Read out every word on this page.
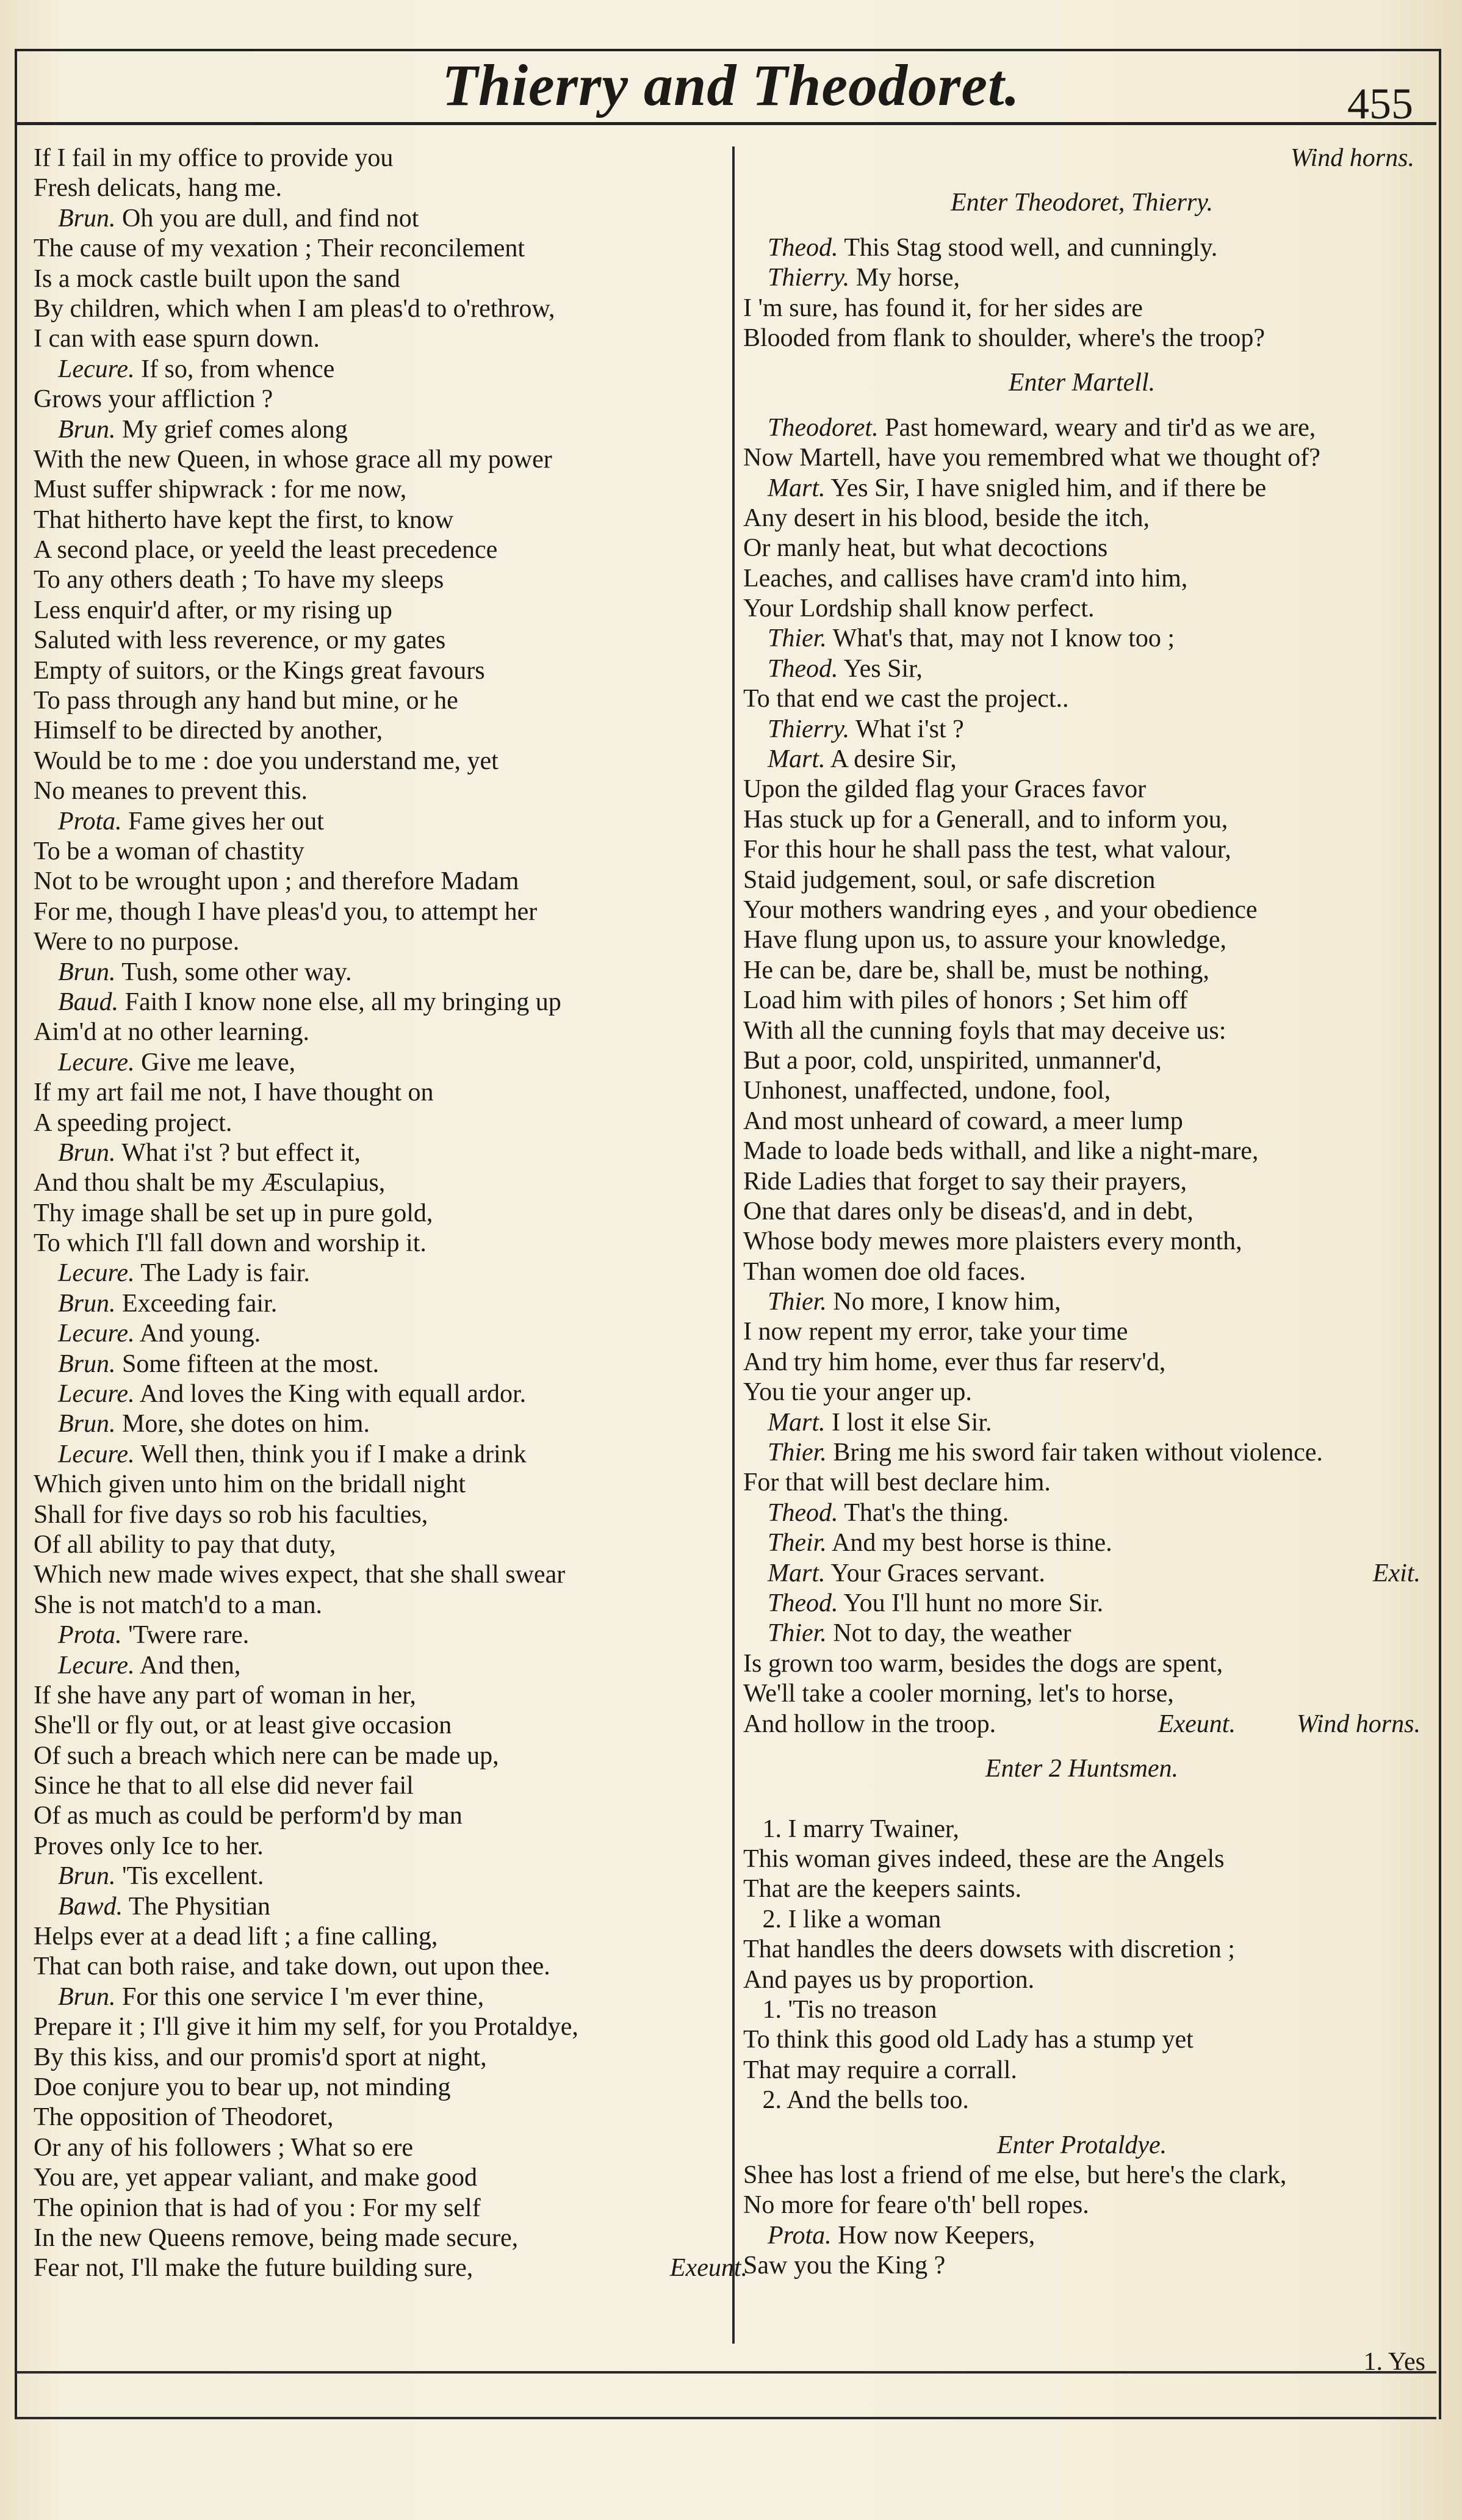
Thierry and Theodoret.	455
If I fail in my office to provide you
Fresh delicats, hang me.
Brun. Oh you are dull, and find not
The cause of my vexation ; Their reconcilement
Is a mock castle built upon the sand
By children, which when I am pleas'd to o'rethrow,
I can with ease spurn down.
Lecure. If so, from whence
Grows your affliction ?
Brun. My grief comes along
With the new Queen, in whose grace all my power
Must suffer shipwrack : for me now,
That hitherto have kept the first, to know
A second place, or yeeld the least precedence
To any others death ; To have my sleeps
Less enquir'd after, or my rising up
Saluted with less reverence, or my gates
Empty of suitors, or the Kings great favours
To pass through any hand but mine, or he
Himself to be directed by another,
Would be to me : doe you understand me, yet
No meanes to prevent this.
Prota. Fame gives her out
To be a woman of chastity
Not to be wrought upon ; and therefore Madam
For me, though I have pleas'd you, to attempt her
Were to no purpose.
Brun. Tush, some other way.
Baud. Faith I know none else, all my bringing up
Aim'd at no other learning.
Lecure. Give me leave,
If my art fail me not, I have thought on
A speeding project.
Brun. What i'st ? but effect it,
And thou shalt be my Æsculapius,
Thy image shall be set up in pure gold,
To which I'll fall down and worship it.
Lecure. The Lady is fair.
Brun. Exceeding fair.
Lecure. And young.
Brun. Some fifteen at the most.
Lecure. And loves the King with equall ardor.
Brun. More, she dotes on him.
Lecure. Well then, think you if I make a drink
Which given unto him on the bridall night
Shall for five days so rob his faculties,
Of all ability to pay that duty,
Which new made wives expect, that she shall swear
She is not match'd to a man.
Prota. 'Twere rare.
Lecure. And then,
If she have any part of woman in her,
She'll or fly out, or at least give occasion
Of such a breach which nere can be made up,
Since he that to all else did never fail
Of as much as could be perform'd by man
Proves only Ice to her.
Brun. 'Tis excellent.
Bawd. The Physitian
Helps ever at a dead lift ; a fine calling,
That can both raise, and take down, out upon thee.
Brun. For this one service I 'm ever thine,
Prepare it ; I'll give it him my self, for you Protaldye,
By this kiss, and our promis'd sport at night,
Doe conjure you to bear up, not minding
The opposition of Theodoret,
Or any of his followers ; What so ere
You are, yet appear valiant, and make good
The opinion that is had of you : For my self
In the new Queens remove, being made secure,
Fear not, I'll make the future building sure,	Exeunt.
Wind horns.
Enter Theodoret, Thierry.
Theod. This Stag stood well, and cunningly.
Thierry. My horse,
I 'm sure, has found it, for her sides are
Blooded from flank to shoulder, where's the troop?
Enter Martell.
Theodoret. Past homeward, weary and tir'd as we are,
Now Martell, have you remembred what we thought of?
Mart. Yes Sir, I have snigled him, and if there be
Any desert in his blood, beside the itch,
Or manly heat, but what decoctions
Leaches, and callises have cram'd into him,
Your Lordship shall know perfect.
Thier. What's that, may not I know too ;
Theod. Yes Sir,
To that end we cast the project..
Thierry. What i'st ?
Mart. A desire Sir,
Upon the gilded flag your Graces favor
Has stuck up for a Generall, and to inform you,
For this hour he shall pass the test, what valour,
Staid judgement, soul, or safe discretion
Your mothers wandring eyes , and your obedience
Have flung upon us, to assure your knowledge,
He can be, dare be, shall be, must be nothing,
Load him with piles of honors ; Set him off
With all the cunning foyls that may deceive us:
But a poor, cold, unspirited, unmanner'd,
Unhonest, unaffected, undone, fool,
And most unheard of coward, a meer lump
Made to loade beds withall, and like a night-mare,
Ride Ladies that forget to say their prayers,
One that dares only be diseas'd, and in debt,
Whose body mewes more plaisters every month,
Than women doe old faces.
Thier. No more, I know him,
I now repent my error, take your time
And try him home, ever thus far reserv'd,
You tie your anger up.
Mart. I lost it else Sir.
Thier. Bring me his sword fair taken without violence.
For that will best declare him.
Theod. That's the thing.
Their. And my best horse is thine.
Mart. Your Graces servant.	Exit.
Theod. You I'll hunt no more Sir.
Thier. Not to day, the weather
Is grown too warm, besides the dogs are spent,
We'll take a cooler morning, let's to horse,
And hollow in the troop.	Wind horns.
Exeunt.
Enter 2 Huntsmen.
1. I marry Twainer,
This woman gives indeed, these are the Angels
That are the keepers saints.
2. I like a woman
That handles the deers dowsets with discretion ;
And payes us by proportion.
1. 'Tis no treason
To think this good old Lady has a stump yet
That may require a corrall.
2. And the bells too.
Enter Protaldye.
Shee has lost a friend of me else, but here's the clark,
No more for feare o'th' bell ropes.
Prota. How now Keepers,
Saw you the King ?
1. Yes
